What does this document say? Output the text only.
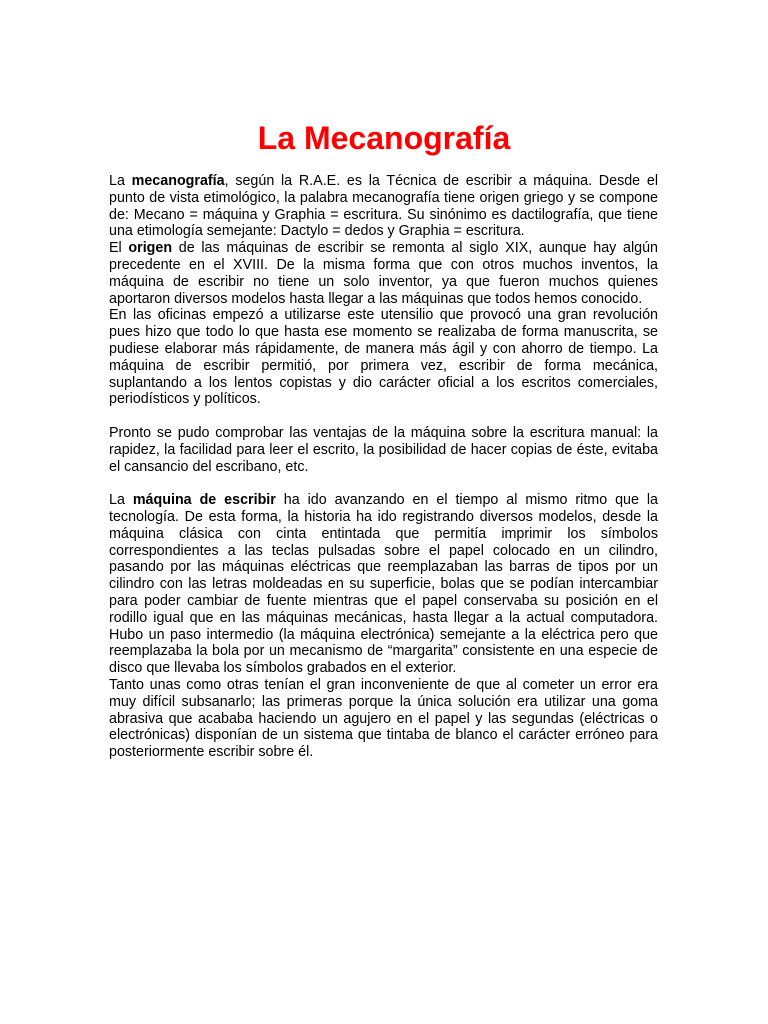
La Mecanografía

La mecanografía, según la R.A.E. es la Técnica de escribir a máquina. Desde el punto de vista etimológico, la palabra mecanografía tiene origen griego y se compone de: Mecano = máquina y Graphia = escritura. Su sinónimo es dactilografía, que tiene una etimología semejante: Dactylo = dedos y Graphia = escritura.

El origen de las máquinas de escribir se remonta al siglo XIX, aunque hay algún precedente en el XVIII. De la misma forma que con otros muchos inventos, la máquina de escribir no tiene un solo inventor, ya que fueron muchos quienes aportaron diversos modelos hasta llegar a las máquinas que todos hemos conocido.

En las oficinas empezó a utilizarse este utensilio que provocó una gran revolución pues hizo que todo lo que hasta ese momento se realizaba de forma manuscrita, se pudiese elaborar más rápidamente, de manera más ágil y con ahorro de tiempo. La máquina de escribir permitió, por primera vez, escribir de forma mecánica, suplantando a los lentos copistas y dio carácter oficial a los escritos comerciales, periodísticos y políticos.

Pronto se pudo comprobar las ventajas de la máquina sobre la escritura manual: la rapidez, la facilidad para leer el escrito, la posibilidad de hacer copias de éste, evitaba el cansancio del escribano, etc.

La máquina de escribir ha ido avanzando en el tiempo al mismo ritmo que la tecnología. De esta forma, la historia ha ido registrando diversos modelos, desde la máquina clásica con cinta entintada que permitía imprimir los símbolos correspondientes a las teclas pulsadas sobre el papel colocado en un cilindro, pasando por las máquinas eléctricas que reemplazaban las barras de tipos por un cilindro con las letras moldeadas en su superficie, bolas que se podían intercambiar para poder cambiar de fuente mientras que el papel conservaba su posición en el rodillo igual que en las máquinas mecánicas, hasta llegar a la actual computadora. Hubo un paso intermedio (la máquina electrónica) semejante a la eléctrica pero que reemplazaba la bola por un mecanismo de “margarita” consistente en una especie de disco que llevaba los símbolos grabados en el exterior.

Tanto unas como otras tenían el gran inconveniente de que al cometer un error era muy difícil subsanarlo; las primeras porque la única solución era utilizar una goma abrasiva que acababa haciendo un agujero en el papel y las segundas (eléctricas o electrónicas) disponían de un sistema que tintaba de blanco el carácter erróneo para posteriormente escribir sobre él.
